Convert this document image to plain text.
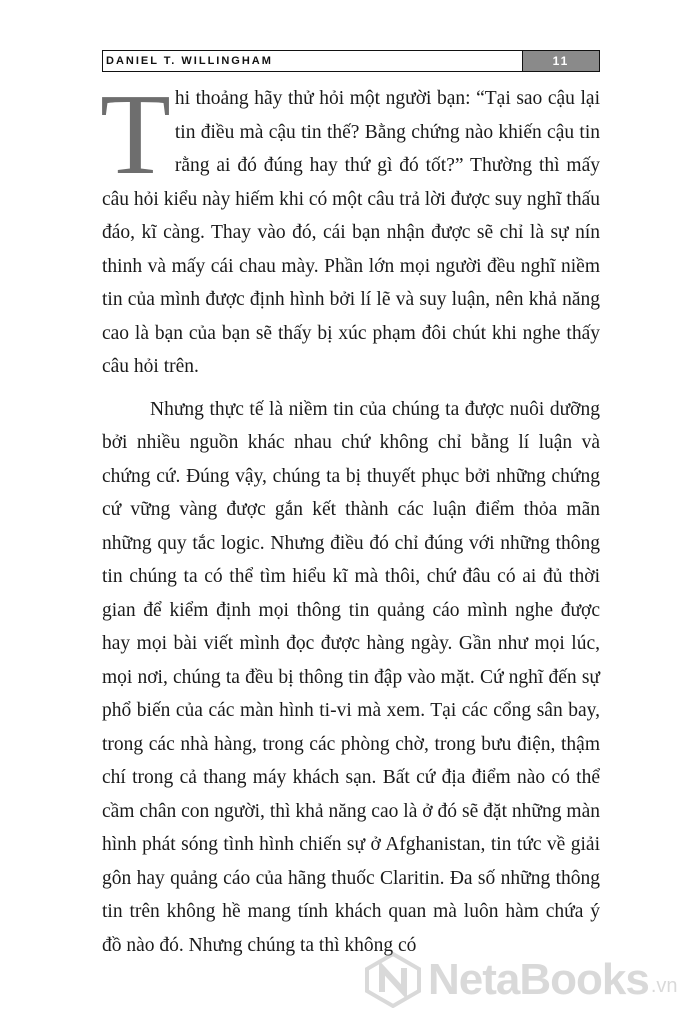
DANIEL T. WILLINGHAM	11

Thi thoảng hãy thử hỏi một người bạn: “Tại sao cậu lại tin điều mà cậu tin thế? Bằng chứng nào khiến cậu tin rằng ai đó đúng hay thứ gì đó tốt?” Thường thì mấy câu hỏi kiểu này hiếm khi có một câu trả lời được suy nghĩ thấu đáo, kĩ càng. Thay vào đó, cái bạn nhận được sẽ chỉ là sự nín thinh và mấy cái chau mày. Phần lớn mọi người đều nghĩ niềm tin của mình được định hình bởi lí lẽ và suy luận, nên khả năng cao là bạn của bạn sẽ thấy bị xúc phạm đôi chút khi nghe thấy câu hỏi trên.

Nhưng thực tế là niềm tin của chúng ta được nuôi dưỡng bởi nhiều nguồn khác nhau chứ không chỉ bằng lí luận và chứng cứ. Đúng vậy, chúng ta bị thuyết phục bởi những chứng cứ vững vàng được gắn kết thành các luận điểm thỏa mãn những quy tắc logic. Nhưng điều đó chỉ đúng với những thông tin chúng ta có thể tìm hiểu kĩ mà thôi, chứ đâu có ai đủ thời gian để kiểm định mọi thông tin quảng cáo mình nghe được hay mọi bài viết mình đọc được hàng ngày. Gần như mọi lúc, mọi nơi, chúng ta đều bị thông tin đập vào mặt. Cứ nghĩ đến sự phổ biến của các màn hình ti-vi mà xem. Tại các cổng sân bay, trong các nhà hàng, trong các phòng chờ, trong bưu điện, thậm chí trong cả thang máy khách sạn. Bất cứ địa điểm nào có thể cầm chân con người, thì khả năng cao là ở đó sẽ đặt những màn hình phát sóng tình hình chiến sự ở Afghanistan, tin tức về giải gôn hay quảng cáo của hãng thuốc Claritin. Đa số những thông tin trên không hề mang tính khách quan mà luôn hàm chứa ý đồ nào đó. Nhưng chúng ta thì không có

NetaBooks .vn
